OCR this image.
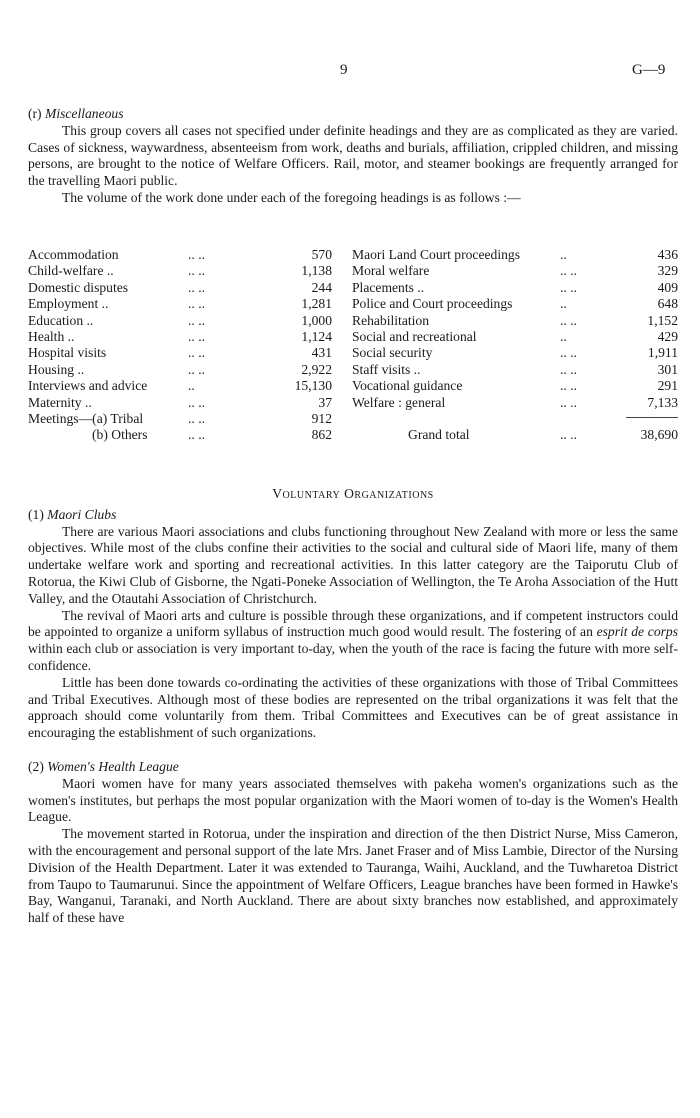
9	G—9

(r) Miscellaneous

This group covers all cases not specified under definite headings and they are as complicated as they are varied. Cases of sickness, waywardness, absenteeism from work, deaths and burials, affiliation, crippled children, and missing persons, are brought to the notice of Welfare Officers. Rail, motor, and steamer bookings are frequently arranged for the travelling Maori public.

The volume of the work done under each of the foregoing headings is as follows :—

Accommodation	.. ..	570	Maori Land Court proceedings	..	436
Child-welfare ..	.. ..	1,138	Moral welfare	.. ..	329
Domestic disputes	.. ..	244	Placements ..	.. ..	409
Employment ..	.. ..	1,281	Police and Court proceedings	..	648
Education ..	.. ..	1,000	Rehabilitation	.. ..	1,152
Health ..	.. ..	1,124	Social and recreational	..	429
Hospital visits	.. ..	431	Social security	.. ..	1,911
Housing ..	.. ..	2,922	Staff visits ..	.. ..	301
Interviews and advice	..	15,130	Vocational guidance	.. ..	291
Maternity ..	.. ..	37	Welfare : general	.. ..	7,133
Meetings—(a) Tribal	.. ..	912			

(b) Others	.. ..	862	Grand total	.. ..	38,690

Voluntary Organizations

(1) Maori Clubs

There are various Maori associations and clubs functioning throughout New Zealand with more or less the same objectives. While most of the clubs confine their activities to the social and cultural side of Maori life, many of them undertake welfare work and sporting and recreational activities. In this latter category are the Taiporutu Club of Rotorua, the Kiwi Club of Gisborne, the Ngati-Poneke Association of Wellington, the Te Aroha Association of the Hutt Valley, and the Otautahi Association of Christchurch.

The revival of Maori arts and culture is possible through these organizations, and if competent instructors could be appointed to organize a uniform syllabus of instruction much good would result. The fostering of an esprit de corps within each club or association is very important to-day, when the youth of the race is facing the future with more self-confidence.

Little has been done towards co-ordinating the activities of these organizations with those of Tribal Committees and Tribal Executives. Although most of these bodies are represented on the tribal organizations it was felt that the approach should come voluntarily from them. Tribal Committees and Executives can be of great assistance in encouraging the establishment of such organizations.

(2) Women's Health League

Maori women have for many years associated themselves with pakeha women's organizations such as the women's institutes, but perhaps the most popular organization with the Maori women of to-day is the Women's Health League.

The movement started in Rotorua, under the inspiration and direction of the then District Nurse, Miss Cameron, with the encouragement and personal support of the late Mrs. Janet Fraser and of Miss Lambie, Director of the Nursing Division of the Health Department. Later it was extended to Tauranga, Waihi, Auckland, and the Tuwharetoa District from Taupo to Taumarunui. Since the appointment of Welfare Officers, League branches have been formed in Hawke's Bay, Wanganui, Taranaki, and North Auckland. There are about sixty branches now established, and approximately half of these have
